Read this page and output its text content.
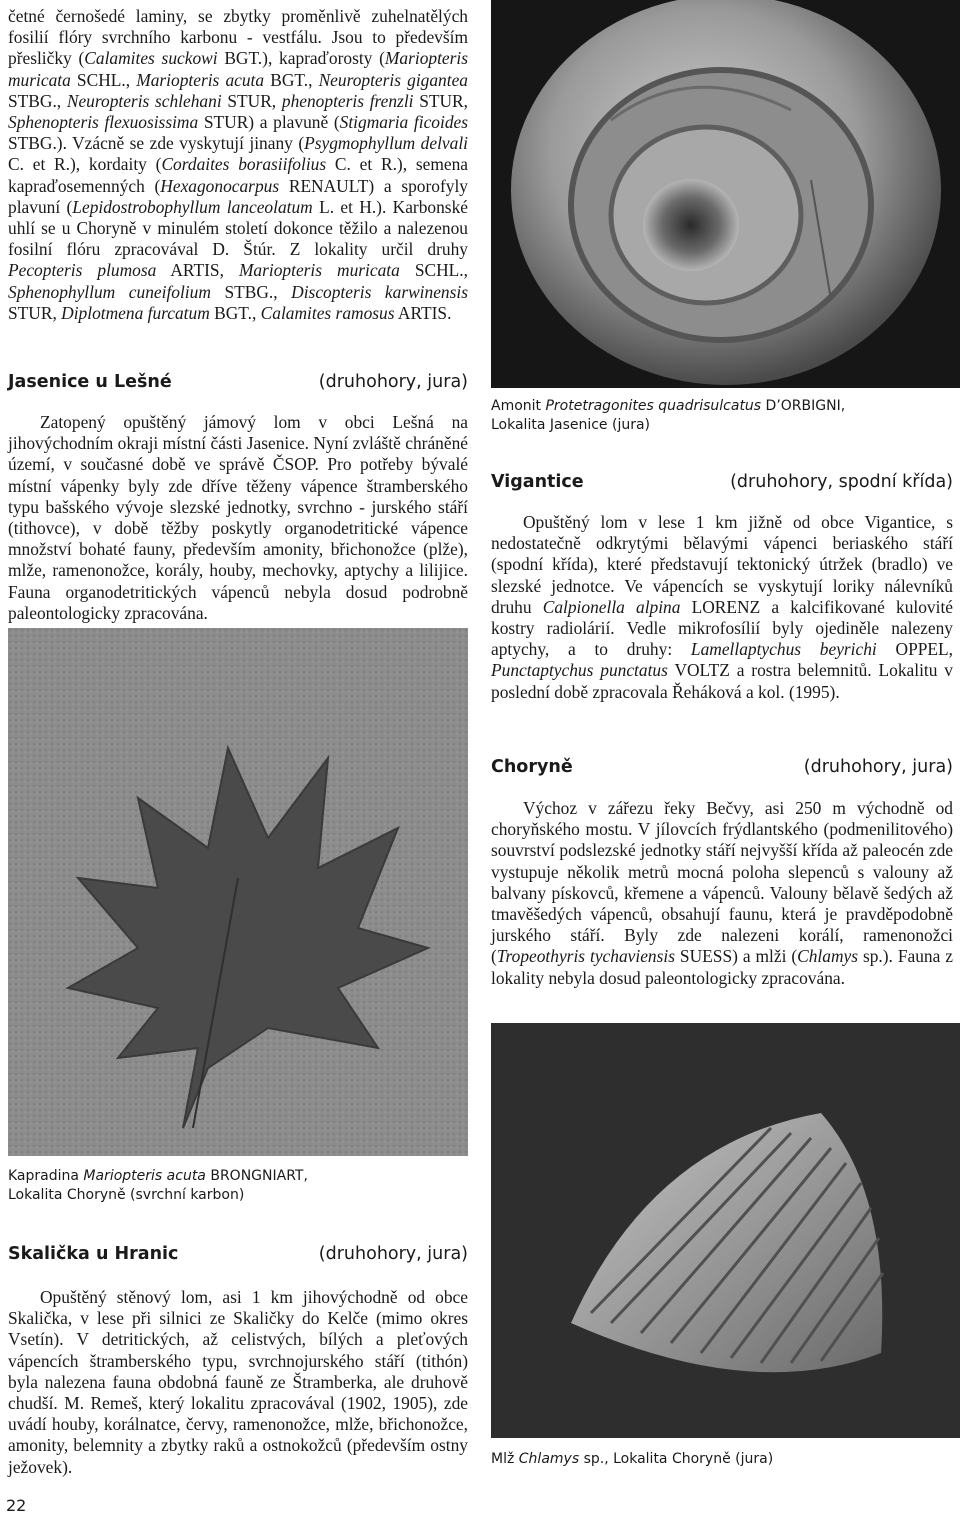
četné černošedé laminy, se zbytky proměnlivě zuhelnatělých fosilií flóry svrchního karbonu - vestfálu. Jsou to především přesličky (Calamites suckowi BGT.), kapraďorosty (Mariopteris muricata SCHL., Mariopteris acuta BGT., Neuropteris gigantea STBG., Neuropteris schlehani STUR, phenopteris frenzli STUR, Sphenopteris flexuosissima STUR) a plavuně (Stigmaria ficoides STBG.). Vzácně se zde vyskytují jinany (Psygmophyllum delvali C. et R.), kordaity (Cordaites borasiifolius C. et R.), semena kapraďosemenných (Hexagonocarpus RENAULT) a sporofyly plavuní (Lepidostrobophyllum lanceolatum L. et H.). Karbonské uhlí se u Choryně v minulém století dokonce těžilo a nalezenou fosilní flóru zpracovával D. Štúr. Z lokality určil druhy Pecopteris plumosa ARTIS, Mariopteris muricata SCHL., Sphenophyllum cuneifolium STBG., Discopteris karwinensis STUR, Diplotmena furcatum BGT., Calamites ramosus ARTIS.

Jasenice u Lešné	(druhohory, jura)

Zatopený opuštěný jámový lom v obci Lešná na jihovýchodním okraji místní části Jasenice. Nyní zvláště chráněné území, v současné době ve správě ČSOP. Pro potřeby bývalé místní vápenky byly zde dříve těženy vápence štramberského typu bašského vývoje slezské jednotky, svrchno - jurského stáří (tithovce), v době těžby poskytly organodetritické vápence množství bohaté fauny, především amonity, břichonožce (plže), mlže, ramenonožce, korály, houby, mechovky, aptychy a lilijice. Fauna organodetritických vápenců nebyla dosud podrobně paleontologicky zpracována.

Amonit Protetragonites quadrisulcatus D’ORBIGNI,
Lokalita Jasenice (jura)
Vigantice	(druhohory, spodní křída)

Opuštěný lom v lese 1 km jižně od obce Vigantice, s nedostatečně odkrytými bělavými vápenci beriaského stáří (spodní křída), které představují tektonický útržek (bradlo) ve slezské jednotce. Ve vápencích se vyskytují loriky nálevníků druhu Calpionella alpina LORENZ a kalcifikované kulovité kostry radiolárií. Vedle mikrofosílií byly ojediněle nalezeny aptychy, a to druhy: Lamellaptychus beyrichi OPPEL, Punctaptychus punctatus VOLTZ a rostra belemnitů. Lokalitu v poslední době zpracovala Řeháková a kol. (1995).

Kapradina Mariopteris acuta BRONGNIART,
Lokalita Choryně (svrchní karbon)
Choryně	(druhohory, jura)

Výchoz v zářezu řeky Bečvy, asi 250 m východně od choryňského mostu. V jílovcích frýdlantského (podmenilitového) souvrství podslezské jednotky stáří nejvyšší křída až paleocén zde vystupuje několik metrů mocná poloha slepenců s valouny až balvany pískovců, křemene a vápenců. Valouny bělavě šedých až tmavěšedých vápenců, obsahují faunu, která je pravděpodobně jurského stáří. Byly zde nalezeni korálí, ramenonožci (Tropeothyris tychaviensis SUESS) a mlži (Chlamys sp.). Fauna z lokality nebyla dosud paleontologicky zpracována.

Skalička u Hranic	(druhohory, jura)

Opuštěný stěnový lom, asi 1 km jihovýchodně od obce Skalička, v lese při silnici ze Skaličky do Kelče (mimo okres Vsetín). V detritických, až celistvých, bílých a pleťových vápencích štramberského typu, svrchnojurského stáří (tithón) byla nalezena fauna obdobná fauně ze Štramberka, ale druhově chudší. M. Remeš, který lokalitu zpracovával (1902, 1905), zde uvádí houby, korálnatce, červy, ramenonožce, mlže, břichonožce, amonity, belemnity a zbytky raků a ostnokožců (především ostny ježovek).	Mlž Chlamys sp., Lokalita Choryně (jura)
22
